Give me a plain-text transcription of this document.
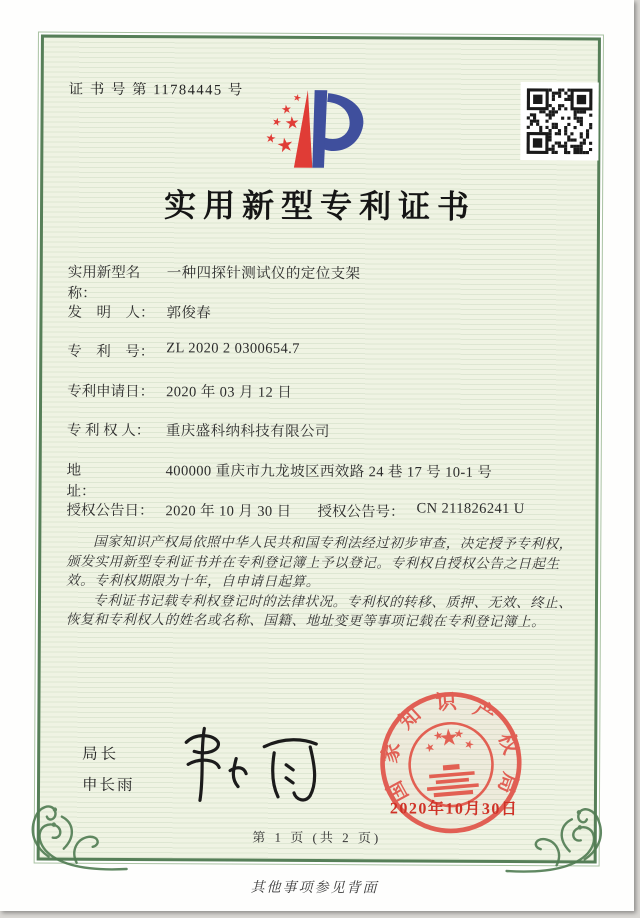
证 书 号 第 11784445 号
实用新型专利证书
实用新型名称：
一种四探针测试仪的定位支架
发　明　人： 郭俊春
专　利　号： ZL 2020 2 0300654.7
专利申请日： 2020 年 03 月 12 日
专 利 权 人：	重庆盛科纳科技有限公司
地　　　　址：
400000 重庆市九龙坡区西效路 24 巷 17 号 10-1 号
授权公告日： 2020 年 10 月 30 日 授权公告号： CN 211826241 U

国家知识产权局依照中华人民共和国专利法经过初步审查，决定授予专利权，颁发实用新型专利证书并在专利登记簿上予以登记。专利权自授权公告之日起生效。专利权期限为十年，自申请日起算。

专利证书记载专利权登记时的法律状况。专利权的转移、质押、无效、终止、恢复和专利权人的姓名或名称、国籍、地址变更等事项记载在专利登记簿上。

局长
申长雨	国家知识产权局
2020年10月30日
第 1 页 (共 2 页)
其他事项参见背面
